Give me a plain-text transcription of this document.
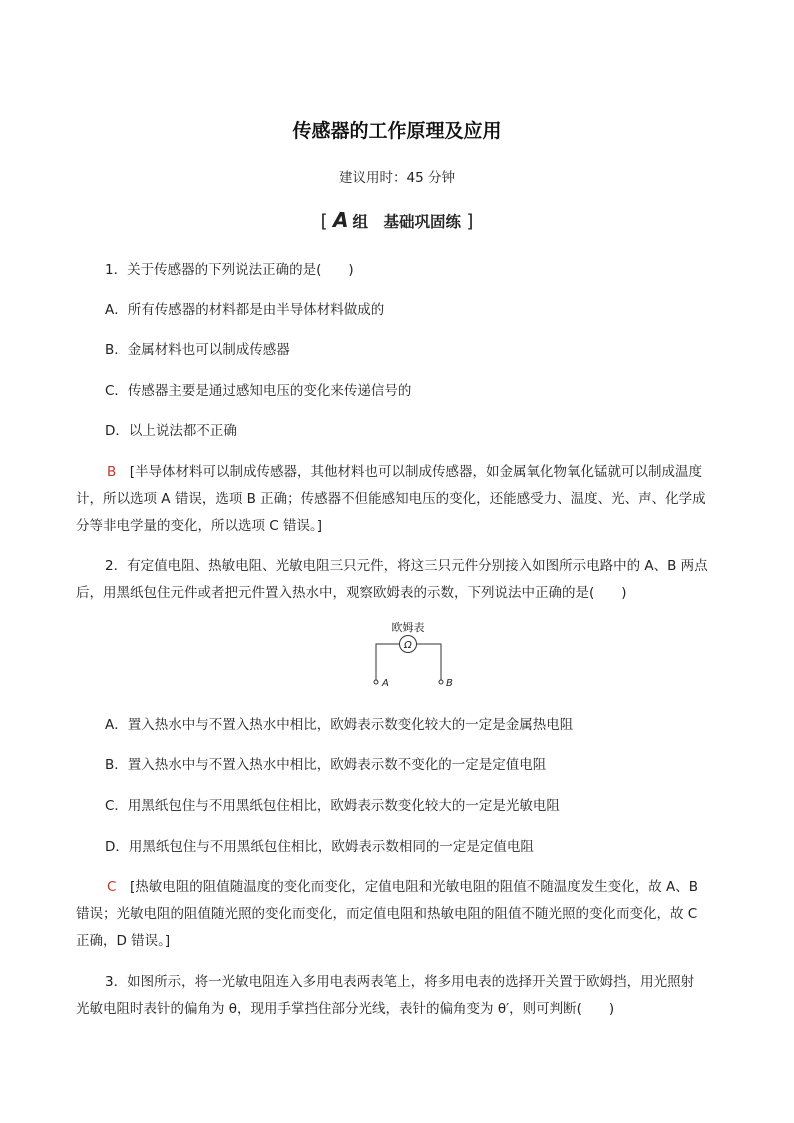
传感器的工作原理及应用
建议用时：45 分钟
[ A 组　基础巩固练 ]
1．关于传感器的下列说法正确的是(　　)
A．所有传感器的材料都是由半导体材料做成的
B．金属材料也可以制成传感器
C．传感器主要是通过感知电压的变化来传递信号的
D．以上说法都不正确
B　 [半导体材料可以制成传感器，其他材料也可以制成传感器，如金属氧化物氧化锰就可以制成温度
计，所以选项 A 错误，选项 B 正确；传感器不但能感知电压的变化，还能感受力、温度、光、声、化学成
分等非电学量的变化，所以选项 C 错误。]
2．有定值电阻、热敏电阻、光敏电阻三只元件，将这三只元件分别接入如图所示电路中的 A、B 两点
后，用黑纸包住元件或者把元件置入热水中，观察欧姆表的示数，下列说法中正确的是(　　)
欧姆表
Ω
A	B
A．置入热水中与不置入热水中相比，欧姆表示数变化较大的一定是金属热电阻
B．置入热水中与不置入热水中相比，欧姆表示数不变化的一定是定值电阻
C．用黑纸包住与不用黑纸包住相比，欧姆表示数变化较大的一定是光敏电阻
D．用黑纸包住与不用黑纸包住相比，欧姆表示数相同的一定是定值电阻
C　 [热敏电阻的阻值随温度的变化而变化，定值电阻和光敏电阻的阻值不随温度发生变化，故 A、B
错误；光敏电阻的阻值随光照的变化而变化，而定值电阻和热敏电阻的阻值不随光照的变化而变化，故 C
正确，D 错误。]
3．如图所示，将一光敏电阻连入多用电表两表笔上，将多用电表的选择开关置于欧姆挡，用光照射
光敏电阻时表针的偏角为 θ，现用手掌挡住部分光线，表针的偏角变为 θ′，则可判断(　　)
